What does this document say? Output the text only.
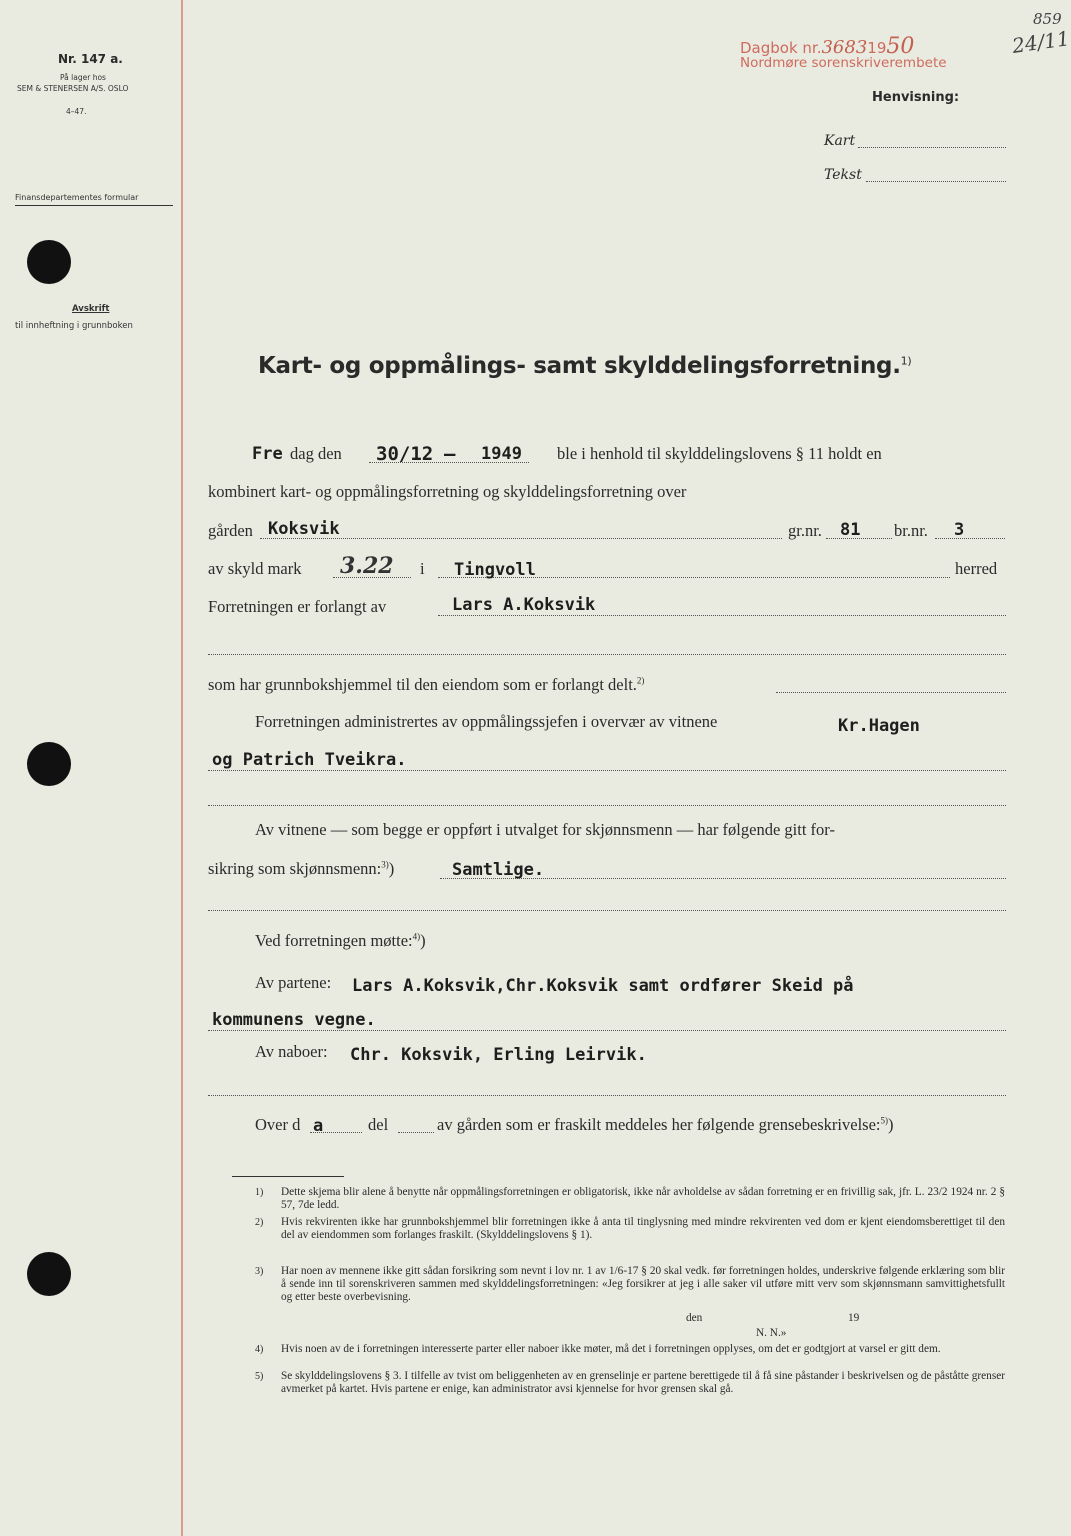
Nr. 147 a.
På lager hos
SEM & STENERSEN A/S. OSLO
4–47.
Finansdepartementes formular
Avskrift
til innheftning i grunnboken
Dagbok nr.36831950	24/11
859
Nordmøre sorenskriverembete
Henvisning:
Kart
Tekst
Kart- og oppmålings- samt skylddelingsforretning.$^{1)}$
Fre dag den 30/12 – 1949 ble i henhold til skylddelingslovens § 11 holdt en
kombinert kart- og oppmålingsforretning og skylddelingsforretning over
gården Koksvik	gr.nr. 81 br.nr. 3
av skyld mark 3.22 i Tingvoll	herred
Forretningen er forlangt av	Lars A.Koksvik
som har grunnbokshjemmel til den eiendom som er forlangt delt.$^{2)}$
Forretningen administrertes av oppmålingssjefen i overvær av vitnene	Kr.Hagen
og Patrich Tveikra.
Av vitnene — som begge er oppført i utvalget for skjønnsmenn — har følgende gitt for-
sikring som skjønnsmenn:$^{3)}$)	Samtlige.
Ved forretningen møtte:$^{4)}$)
Av partene: Lars A.Koksvik,Chr.Koksvik samt ordfører Skeid på
kommunens vegne.
Av naboer: Chr. Koksvik, Erling Leirvik.
Over d a	del	av gården som er fraskilt meddeles her følgende grensebeskrivelse:$^{5)}$)
1) Dette skjema blir alene å benytte når oppmålingsforretningen er obligatorisk, ikke når avholdelse av sådan forretning er en frivillig sak, jfr. L. 23/2 1924 nr. 2 § 57, 7de ledd.
2) Hvis rekvirenten ikke har grunnbokshjemmel blir forretningen ikke å anta til tinglysning med mindre rekvirenten ved dom er kjent eiendomsberettiget til den del av eiendommen som forlanges fraskilt. (Skylddelingslovens § 1).
3) Har noen av mennene ikke gitt sådan forsikring som nevnt i lov nr. 1 av 1/6-17 § 20 skal vedk. før forretningen holdes, underskrive følgende erklæring som blir å sende inn til sorenskriveren sammen med skylddelingsforretningen: «Jeg forsikrer at jeg i alle saker vil utføre mitt verv som skjønnsmann samvittighetsfullt og etter beste overbevisning.
den	19
N. N.»
4) Hvis noen av de i forretningen interesserte parter eller naboer ikke møter, må det i forretningen opplyses, om det er godtgjort at varsel er gitt dem.
5) Se skylddelingslovens § 3. I tilfelle av tvist om beliggenheten av en grenselinje er partene berettigede til å få sine påstander i beskrivelsen og de påståtte grenser avmerket på kartet. Hvis partene er enige, kan administrator avsi kjennelse for hvor grensen skal gå.
